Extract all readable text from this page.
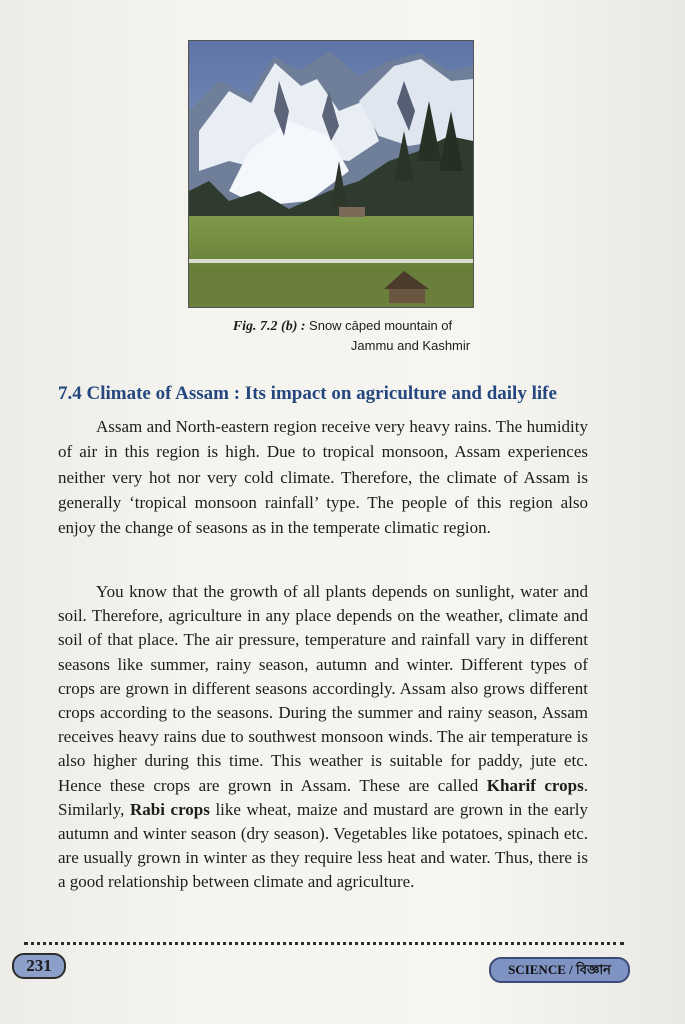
Fig. 7.2 (b) : Snow cāped mountain of
Jammu and Kashmir
7.4 Climate of Assam : Its impact on agriculture and daily life

Assam and North-eastern region receive very heavy rains. The humidity of air in this region is high. Due to tropical monsoon, Assam experiences neither very hot nor very cold climate. Therefore, the climate of Assam is generally ‘tropical monsoon rainfall’ type. The people of this region also enjoy the change of seasons as in the temperate climatic region.

You know that the growth of all plants depends on sunlight, water and soil. Therefore, agriculture in any place depends on the weather, climate and soil of that place. The air pressure, temperature and rainfall vary in different seasons like summer, rainy season, autumn and winter. Different types of crops are grown in different seasons accordingly. Assam also grows different crops according to the seasons. During the summer and rainy season, Assam receives heavy rains due to southwest monsoon winds. The air temperature is also higher during this time. This weather is suitable for paddy, jute etc. Hence these crops are grown in Assam. These are called Kharif crops. Similarly, Rabi crops like wheat, maize and mustard are grown in the early autumn and winter season (dry season). Vegetables like potatoes, spinach etc. are usually grown in winter as they require less heat and water. Thus, there is a good relationship between climate and agriculture.

231	SCIENCE / বিজ্ঞান
